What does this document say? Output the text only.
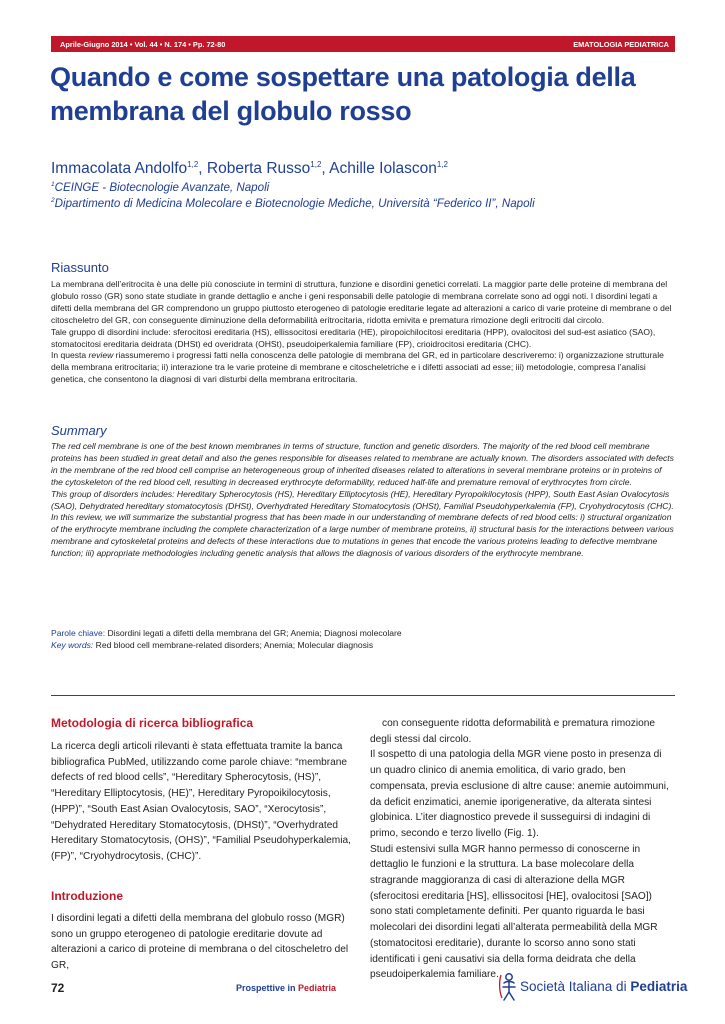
Aprile-Giugno 2014 • Vol. 44 • N. 174 • Pp. 72-80	EMATOLOGIA PEDIATRICA
Quando e come sospettare una patologia della membrana del globulo rosso
Immacolata Andolfo$^{1,2}$, Roberta Russo$^{1,2}$, Achille Iolascon$^{1,2}$
$^1$CEINGE - Biotecnologie Avanzate, Napoli
$^2$Dipartimento di Medicina Molecolare e Biotecnologie Mediche, Università “Federico II”, Napoli
Riassunto

La membrana dell’eritrocita è una delle più conosciute in termini di struttura, funzione e disordini genetici correlati. La maggior parte delle proteine di membrana del globulo rosso (GR) sono state studiate in grande dettaglio e anche i geni responsabili delle patologie di membrana correlate sono ad oggi noti. I disordini legati a difetti della membrana del GR comprendono un gruppo piuttosto eterogeneo di patologie ereditarie legate ad alterazioni a carico di varie proteine di membrane o del citoscheletro del GR, con conseguente diminuzione della deformabilità eritrocitaria, ridotta emivita e prematura rimozione degli eritrociti dal circolo.

Tale gruppo di disordini include: sferocitosi ereditaria (HS), ellissocitosi ereditaria (HE), piropoichilocitosi ereditaria (HPP), ovalocitosi del sud-est asiatico (SAO), stomatocitosi ereditaria deidrata (DHSt) ed overidrata (OHSt), pseudoiperkalemia familiare (FP), crioidrocitosi ereditaria (CHC).

In questa review riassumeremo i progressi fatti nella conoscenza delle patologie di membrana del GR, ed in particolare descriveremo: i) organizzazione strutturale della membrana eritrocitaria; ii) interazione tra le varie proteine di membrane e citoscheletriche e i difetti associati ad esse; iii) metodologie, compresa l’analisi genetica, che consentono la diagnosi di vari disturbi della membrana eritrocitaria.

Summary

The red cell membrane is one of the best known membranes in terms of structure, function and genetic disorders. The majority of the red blood cell membrane proteins has been studied in great detail and also the genes responsible for diseases related to membrane are actually known. The disorders associated with defects in the membrane of the red blood cell comprise an heterogeneous group of inherited diseases related to alterations in several membrane proteins or in proteins of the cytoskeleton of the red blood cell, resulting in decreased erythrocyte deformability, reduced half-life and premature removal of erythrocytes from circle.

This group of disorders includes: Hereditary Spherocytosis (HS), Hereditary Elliptocytosis (HE), Hereditary Pyropoikilocytosis (HPP), South East Asian Ovalocytosis (SAO), Dehydrated hereditary stomatocytosis (DHSt), Overhydrated Hereditary Stomatocytosis (OHSt), Familial Pseudohyperkalemia (FP), Cryohydrocytosis (CHC).

In this review, we will summarize the substantial progress that has been made in our understanding of membrane defects of red blood cells: i) structural organization of the erythrocyte membrane including the complete characterization of a large number of membrane proteins, ii) structural basis for the interactions between various membrane and cytoskeletal proteins and defects of these interactions due to mutations in genes that encode the various proteins leading to defective membrane function; iii) appropriate methodologies including genetic analysis that allows the diagnosis of various disorders of the erythrocyte membrane.

Parole chiave: Disordini legati a difetti della membrana del GR; Anemia; Diagnosi molecolare
Key words: Red blood cell membrane-related disorders; Anemia; Molecular diagnosis
Metodologia di ricerca bibliografica

La ricerca degli articoli rilevanti è stata effettuata tramite la banca bibliografica PubMed, utilizzando come parole chiave: “membrane defects of red blood cells”, “Hereditary Spherocytosis, (HS)”, “Hereditary Elliptocytosis, (HE)”, Hereditary Pyropoikilocytosis, (HPP)”, “South East Asian Ovalocytosis, SAO”, “Xerocytosis”, “Dehydrated Hereditary Stomatocytosis, (DHSt)”, “Overhydrated Hereditary Stomatocytosis, (OHS)”, “Familial Pseudohyperkalemia, (FP)”, “Cryohydrocytosis, (CHC)”.

Introduzione

I disordini legati a difetti della membrana del globulo rosso (MGR) sono un gruppo eterogeneo di patologie ereditarie dovute ad alterazioni a carico di proteine di membrana o del citoscheletro del GR,

con conseguente ridotta deformabilità e prematura rimozione degli stessi dal circolo.

Il sospetto di una patologia della MGR viene posto in presenza di un quadro clinico di anemia emolitica, di vario grado, ben compensata, previa esclusione di altre cause: anemie autoimmuni, da deficit enzimatici, anemie iporigenerative, da alterata sintesi globinica. L’iter diagnostico prevede il susseguirsi di indagini di primo, secondo e terzo livello (Fig. 1).

Studi estensivi sulla MGR hanno permesso di conoscerne in dettaglio le funzioni e la struttura. La base molecolare della stragrande maggioranza di casi di alterazione della MGR (sferocitosi ereditaria [HS], ellissocitosi [HE], ovalocitosi [SAO]) sono stati completamente definiti. Per quanto riguarda le basi molecolari dei disordini legati all’alterata permeabilità della MGR (stomatocitosi ereditarie), durante lo scorso anno sono stati identificati i geni causativi sia della forma deidrata che della pseudoiperkalemia familiare.

72	Prospettive in Pediatria	Società Italiana di Pediatria
